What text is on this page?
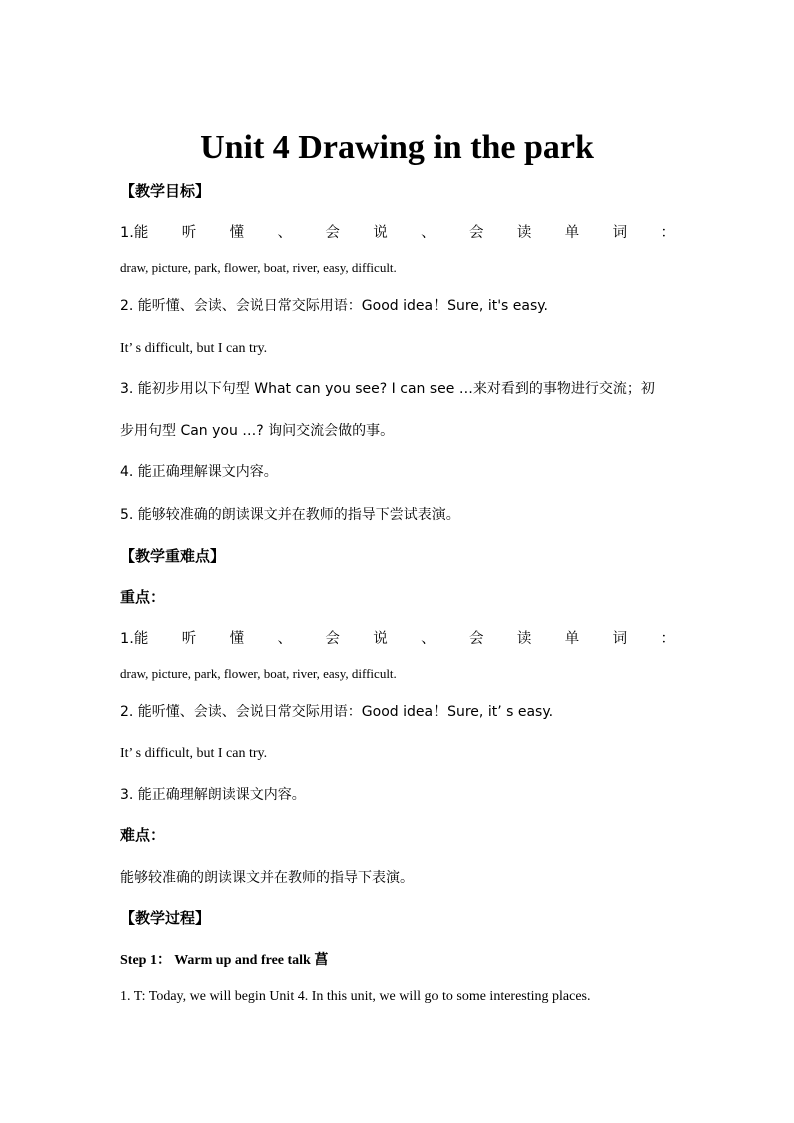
Unit 4 Drawing in the park
【教学目标】
1.能 听 懂 、 会 说 、 会 读 单 词 ：
draw, picture, park, flower, boat, river, easy, difficult.
2. 能听懂、会读、会说日常交际用语：Good idea！Sure, it's easy.
It’ s difficult, but I can try.
3. 能初步用以下句型 What can you see? I can see …来对看到的事物进行交流；初
步用句型 Can you …? 询问交流会做的事。
4. 能正确理解课文内容。
5. 能够较准确的朗读课文并在教师的指导下尝试表演。
【教学重难点】
重点：
1.能 听 懂 、 会 说 、 会 读 单 词 ：
draw, picture, park, flower, boat, river, easy, difficult.
2. 能听懂、会读、会说日常交际用语：Good idea！Sure, it’ s easy.
It’ s difficult, but I can try.
3. 能正确理解朗读课文内容。
难点：
能够较准确的朗读课文并在教师的指导下表演。
【教学过程】
Step 1： Warm up and free talk 菖
1. T: Today, we will begin Unit 4. In this unit, we will go to some interesting places.
